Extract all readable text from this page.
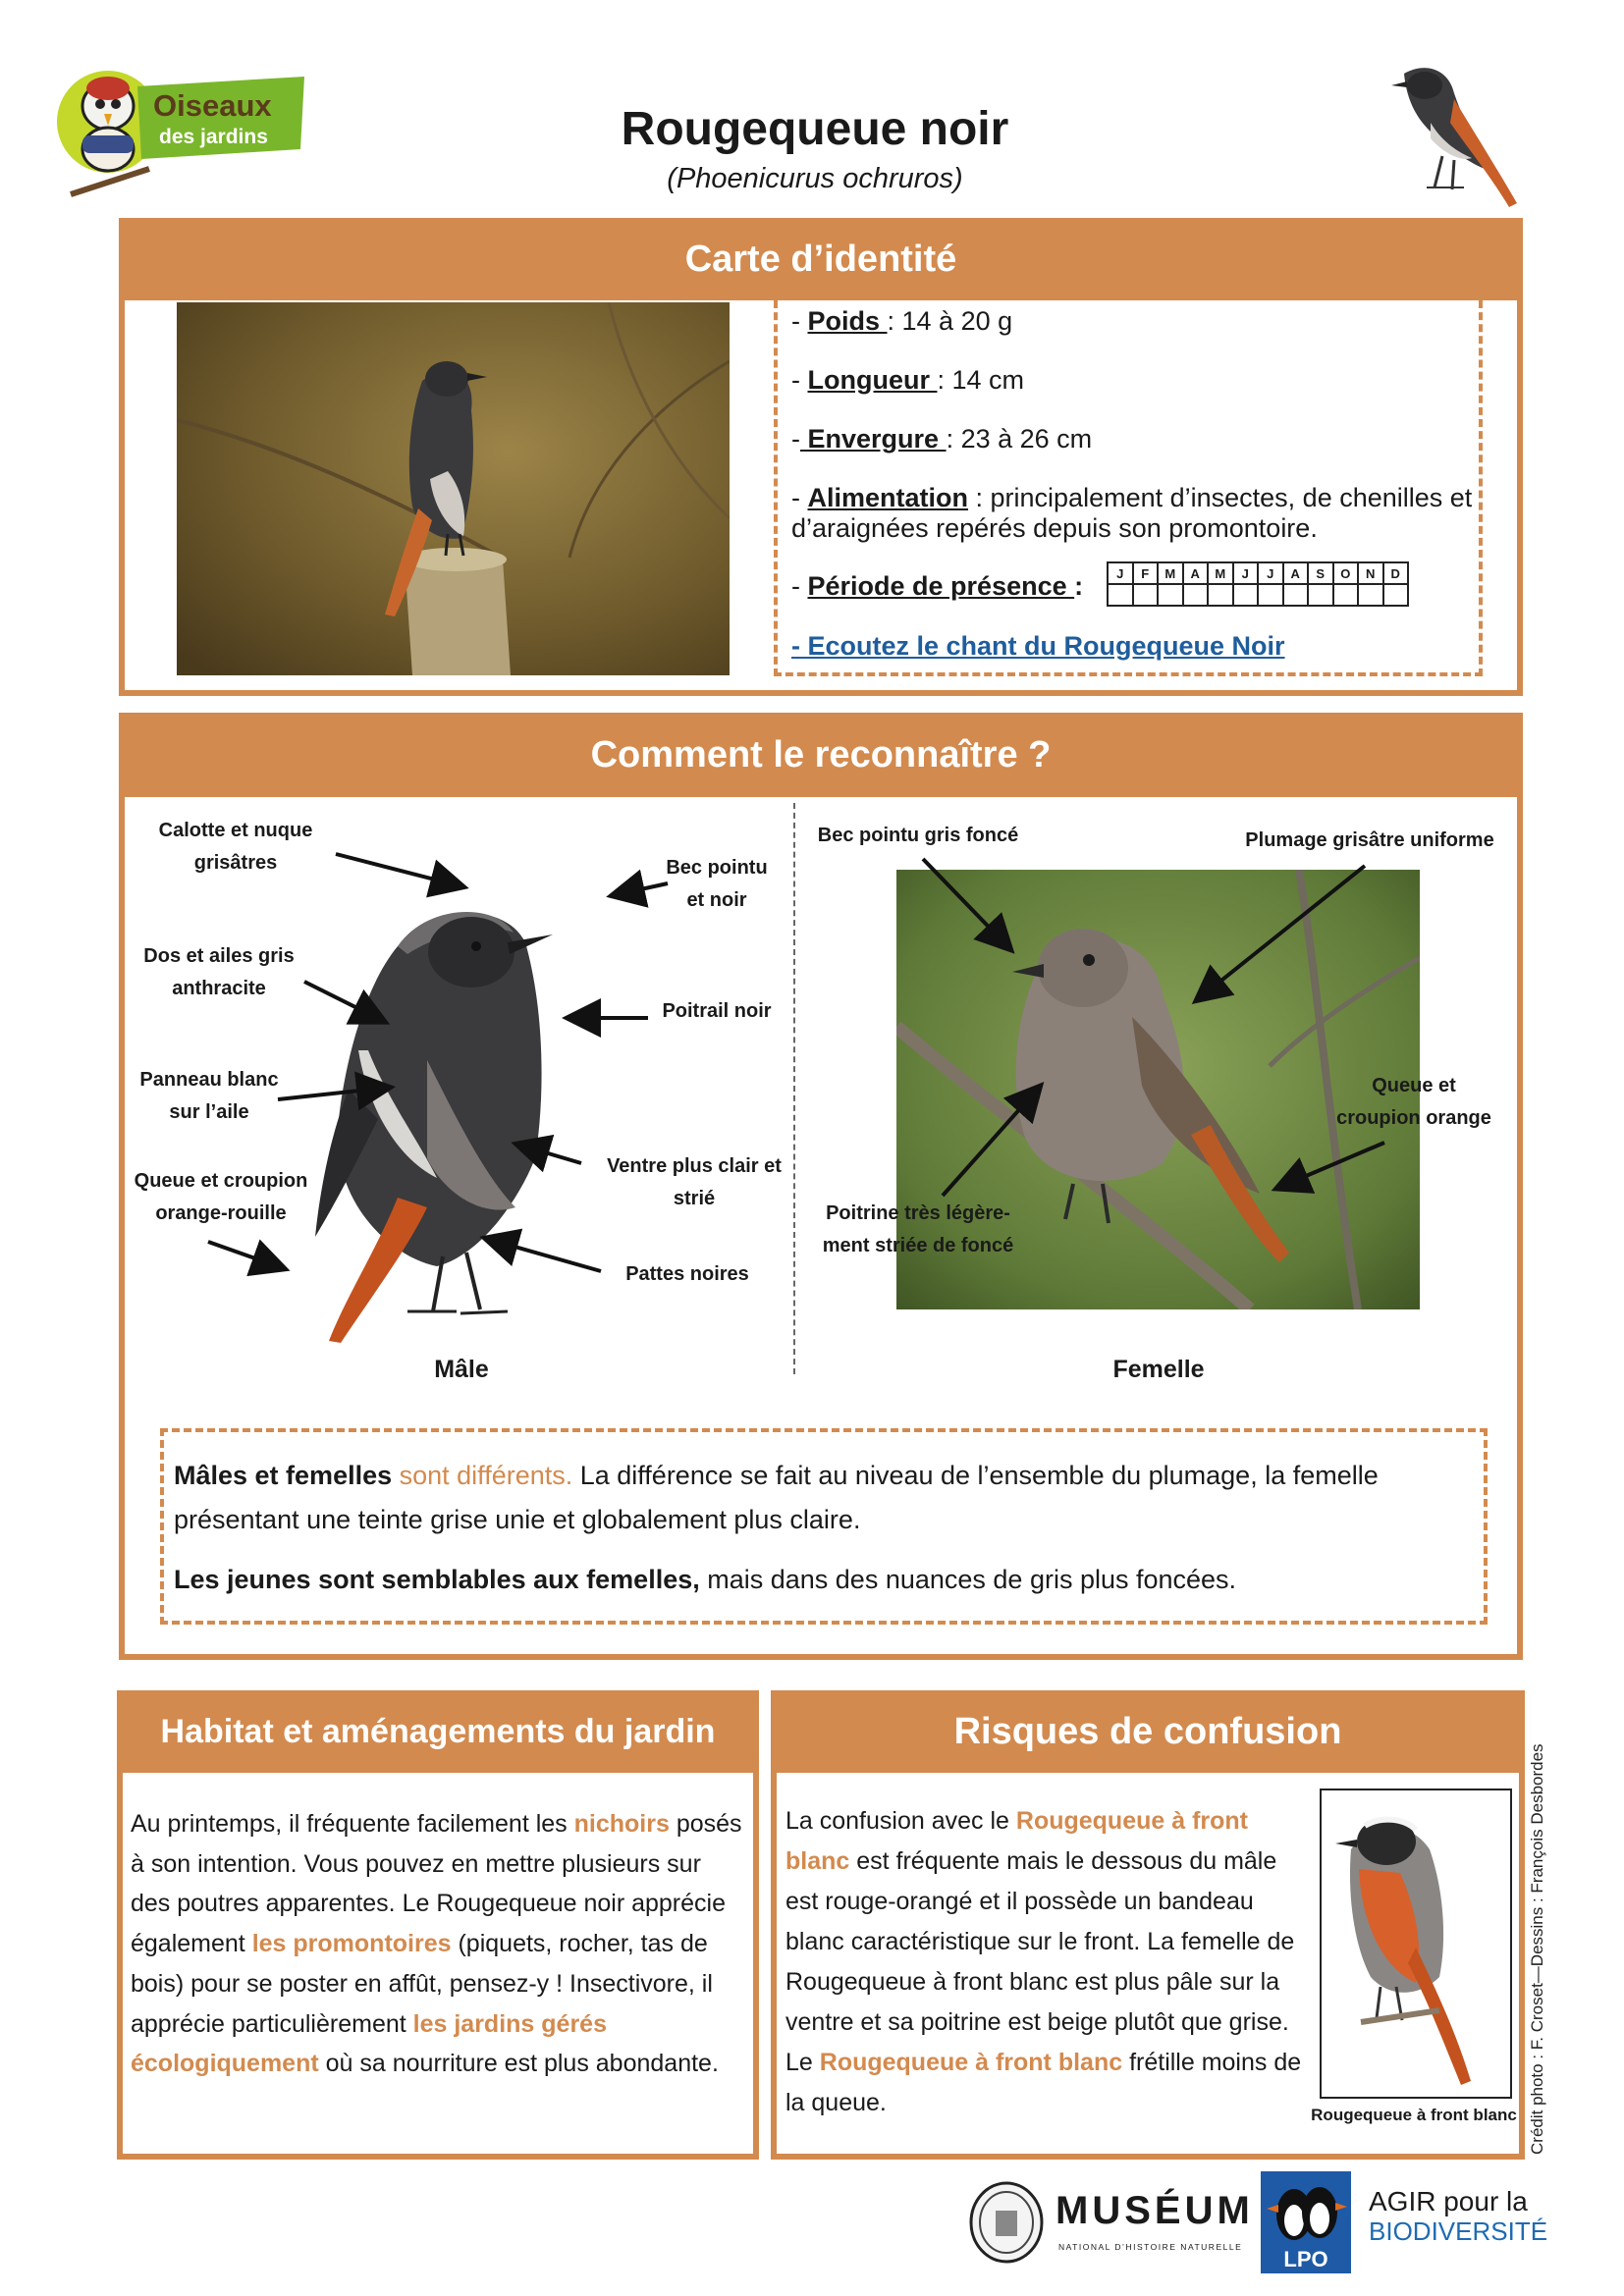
Oiseaux
des jardins	Rougequeue noir
(Phoenicurus ochruros)
Carte d’identité
- Poids : 14 à 20 g
- Longueur : 14 cm
- Envergure : 23 à 26 cm
- Alimentation : principalement d’insectes, de chenilles et d’araignées repérés depuis son promontoire.
- Période de présence :	J	F	M	A	M	J	J	A	S	O	N	D

- Ecoutez le chant du Rougequeue Noir
Comment le reconnaître ?
Calotte et nuque
grisâtres	Bec pointu
et noir
Dos et ailes gris
anthracite
Poitrail noir
Panneau blanc
sur l’aile
Ventre plus clair et
strié
Queue et croupion
orange-rouille
Pattes noires
Bec pointu gris foncé	Plumage grisâtre uniforme
Queue et
croupion orange
Poitrine très légère-
ment striée de foncé
Mâle	Femelle

Mâles et femelles sont différents. La différence se fait au niveau de l’ensemble du plumage, la femelle présentant une teinte grise unie et globalement plus claire.

Les jeunes sont semblables aux femelles, mais dans des nuances de gris plus foncées.

Habitat et aménagements du jardin
Au printemps, il fréquente facilement les nichoirs posés à son intention. Vous pouvez en mettre plusieurs sur des poutres apparentes. Le Rougequeue noir apprécie également les promontoires (piquets, rocher, tas de bois) pour se poster en affût, pensez-y ! Insectivore, il apprécie particulièrement les jardins gérés écologiquement où sa nourriture est plus abondante.
Risques de confusion
La confusion avec le Rougequeue à front blanc est fréquente mais le dessous du mâle est rouge-orangé et il possède un bandeau blanc caractéristique sur le front. La femelle de Rougequeue à front blanc est plus pâle sur la ventre et sa poitrine est beige plutôt que grise. Le Rougequeue à front blanc frétille moins de la queue.	Rougequeue à front blanc Crédit photo : F. Croset—Dessins : François Desbordes
MUSÉUM
NATIONAL D’HISTOIRE NATURELLE LPO
AGIR pour la
BIODIVERSITÉ
